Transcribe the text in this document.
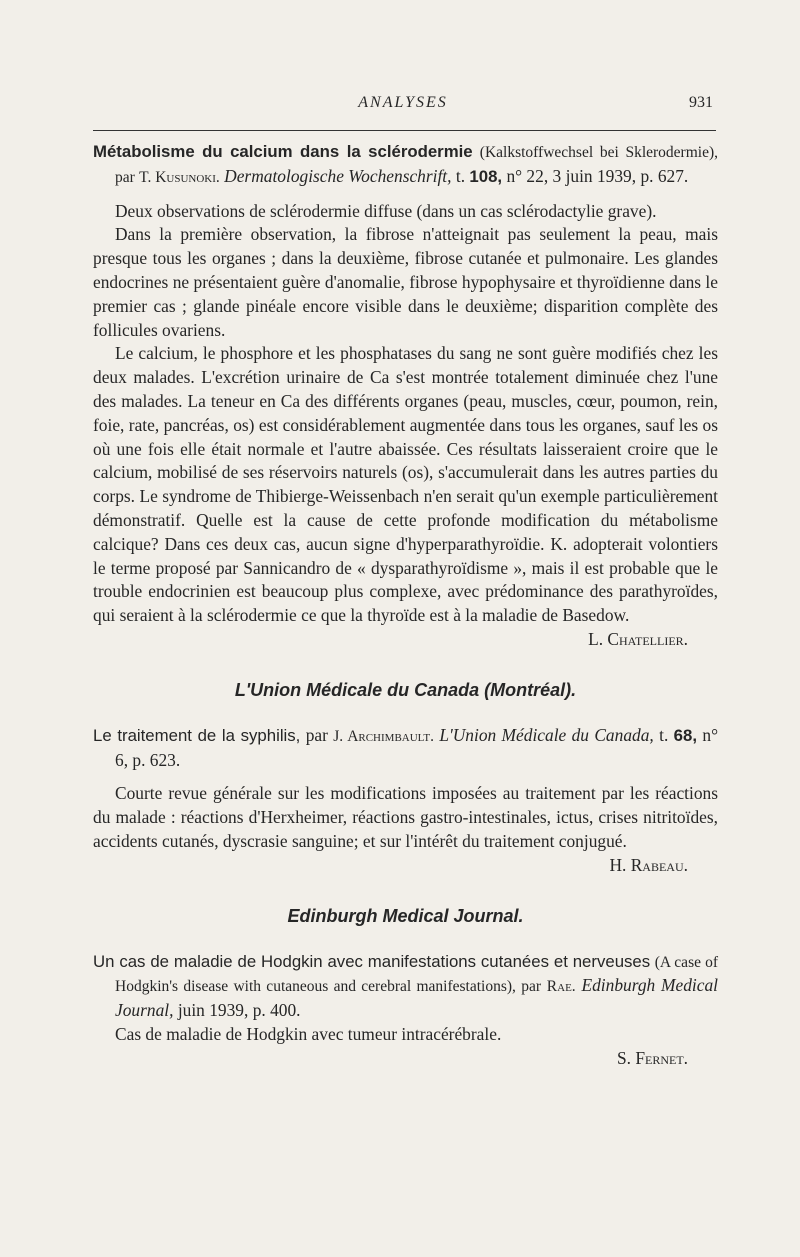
ANALYSES	931

Métabolisme du calcium dans la sclérodermie (Kalkstoffwechsel bei Sklerodermie), par T. Kusunoki. Dermatologische Wochenschrift, t. 108, n° 22, 3 juin 1939, p. 627.

Deux observations de sclérodermie diffuse (dans un cas sclérodactylie grave).

Dans la première observation, la fibrose n'atteignait pas seulement la peau, mais presque tous les organes ; dans la deuxième, fibrose cutanée et pulmonaire. Les glandes endocrines ne présentaient guère d'anomalie, fibrose hypophysaire et thyroïdienne dans le premier cas ; glande pinéale encore visible dans le deuxième; disparition complète des follicules ovariens.

Le calcium, le phosphore et les phosphatases du sang ne sont guère modifiés chez les deux malades. L'excrétion urinaire de Ca s'est montrée totalement diminuée chez l'une des malades. La teneur en Ca des différents organes (peau, muscles, cœur, poumon, rein, foie, rate, pancréas, os) est considérablement augmentée dans tous les organes, sauf les os où une fois elle était normale et l'autre abaissée. Ces résultats laisseraient croire que le calcium, mobilisé de ses réservoirs naturels (os), s'accumulerait dans les autres parties du corps. Le syndrome de Thibierge-Weissenbach n'en serait qu'un exemple particulièrement démonstratif. Quelle est la cause de cette profonde modification du métabolisme calcique? Dans ces deux cas, aucun signe d'hyperparathyroïdie. K. adopterait volontiers le terme proposé par Sannicandro de « dysparathyroïdisme », mais il est probable que le trouble endocrinien est beaucoup plus complexe, avec prédominance des parathyroïdes, qui seraient à la sclérodermie ce que la thyroïde est à la maladie de Basedow.

L. Chatellier.

L'Union Médicale du Canada (Montréal).

Le traitement de la syphilis, par J. Archimbault. L'Union Médicale du Canada, t. 68, n° 6, p. 623.

Courte revue générale sur les modifications imposées au traitement par les réactions du malade : réactions d'Herxheimer, réactions gastro-intestinales, ictus, crises nitritoïdes, accidents cutanés, dyscrasie sanguine; et sur l'intérêt du traitement conjugué.

H. Rabeau.

Edinburgh Medical Journal.

Un cas de maladie de Hodgkin avec manifestations cutanées et nerveuses (A case of Hodgkin's disease with cutaneous and cerebral manifestations), par Rae. Edinburgh Medical Journal, juin 1939, p. 400.

Cas de maladie de Hodgkin avec tumeur intracérébrale.

S. Fernet.
